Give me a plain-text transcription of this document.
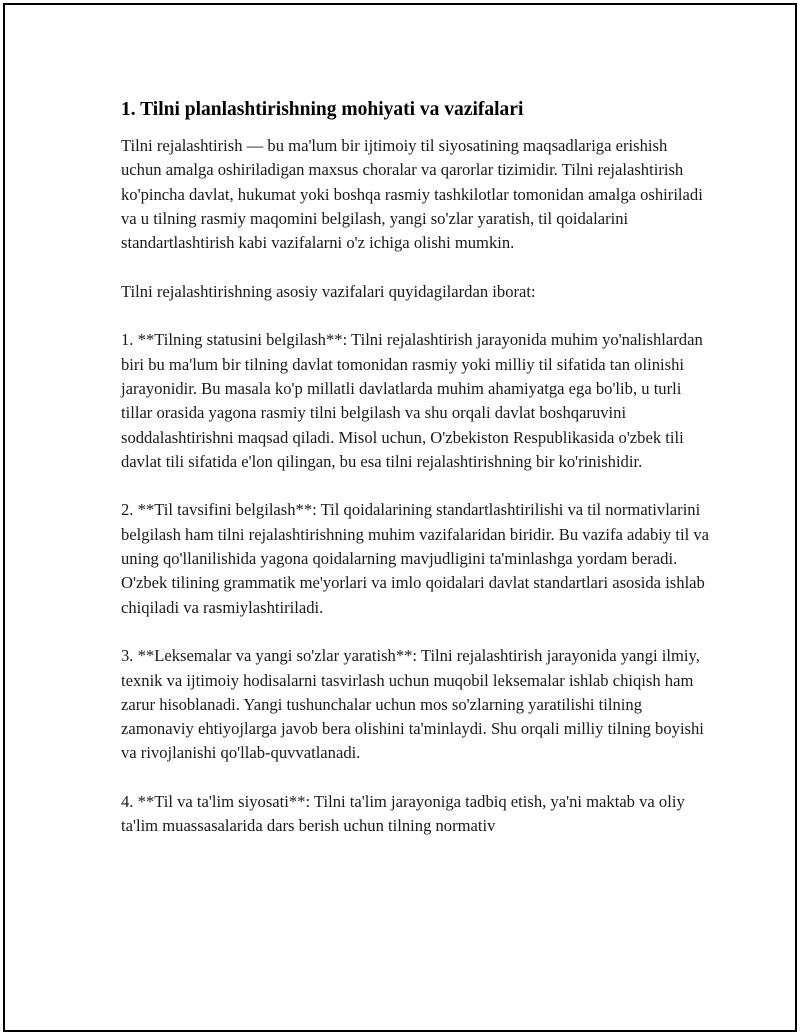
1. Tilni planlashtirishning mohiyati va vazifalari

Tilni rejalashtirish — bu ma'lum bir ijtimoiy til siyosatining maqsadlariga erishish uchun amalga oshiriladigan maxsus choralar va qarorlar tizimidir. Tilni rejalashtirish ko'pincha davlat, hukumat yoki boshqa rasmiy tashkilotlar tomonidan amalga oshiriladi va u tilning rasmiy maqomini belgilash, yangi so'zlar yaratish, til qoidalarini standartlashtirish kabi vazifalarni o'z ichiga olishi mumkin.

Tilni rejalashtirishning asosiy vazifalari quyidagilardan iborat:

1. **Tilning statusini belgilash**: Tilni rejalashtirish jarayonida muhim yo'nalishlardan biri bu ma'lum bir tilning davlat tomonidan rasmiy yoki milliy til sifatida tan olinishi jarayonidir. Bu masala ko'p millatli davlatlarda muhim ahamiyatga ega bo'lib, u turli tillar orasida yagona rasmiy tilni belgilash va shu orqali davlat boshqaruvini soddalashtirishni maqsad qiladi. Misol uchun, O'zbekiston Respublikasida o'zbek tili davlat tili sifatida e'lon qilingan, bu esa tilni rejalashtirishning bir ko'rinishidir.

2. **Til tavsifini belgilash**: Til qoidalarining standartlashtirilishi va til normativlarini belgilash ham tilni rejalashtirishning muhim vazifalaridan biridir. Bu vazifa adabiy til va uning qo'llanilishida yagona qoidalarning mavjudligini ta'minlashga yordam beradi. O'zbek tilining grammatik me'yorlari va imlo qoidalari davlat standartlari asosida ishlab chiqiladi va rasmiylashtiriladi.

3. **Leksemalar va yangi so'zlar yaratish**: Tilni rejalashtirish jarayonida yangi ilmiy, texnik va ijtimoiy hodisalarni tasvirlash uchun muqobil leksemalar ishlab chiqish ham zarur hisoblanadi. Yangi tushunchalar uchun mos so'zlarning yaratilishi tilning zamonaviy ehtiyojlarga javob bera olishini ta'minlaydi. Shu orqali milliy tilning boyishi va rivojlanishi qo'llab-quvvatlanadi.

4. **Til va ta'lim siyosati**: Tilni ta'lim jarayoniga tadbiq etish, ya'ni maktab va oliy ta'lim muassasalarida dars berish uchun tilning normativ
